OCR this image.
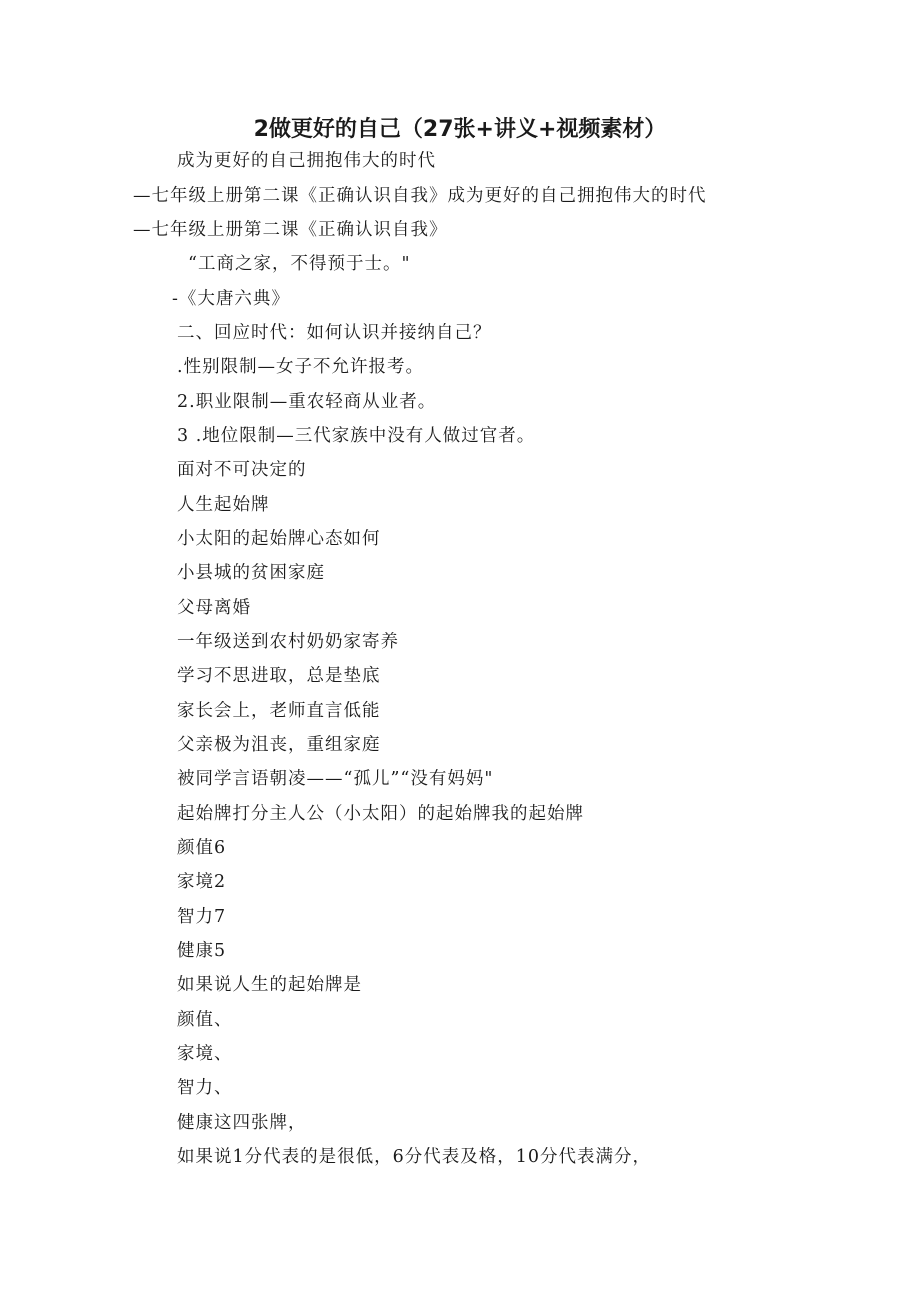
2做更好的自己（27张+讲义+视频素材）
成为更好的自己拥抱伟大的时代
—七年级上册第二课《正确认识自我》成为更好的自己拥抱伟大的时代
—七年级上册第二课《正确认识自我》
“工商之家，不得预于士。"
-《大唐六典》
二、回应时代：如何认识并接纳自己？
.性别限制—女子不允许报考。
2.职业限制—重农轻商从业者。
3 .地位限制—三代家族中没有人做过官者。
面对不可决定的
人生起始牌
小太阳的起始牌心态如何
小县城的贫困家庭
父母离婚
一年级送到农村奶奶家寄养
学习不思进取，总是垫底
家长会上，老师直言低能
父亲极为沮丧，重组家庭
被同学言语朝凌——“孤儿”“没有妈妈"
起始牌打分主人公（小太阳）的起始牌我的起始牌
颜值6
家境2
智力7
健康5
如果说人生的起始牌是
颜值、
家境、
智力、
健康这四张牌，
如果说1分代表的是很低，6分代表及格，10分代表满分，
